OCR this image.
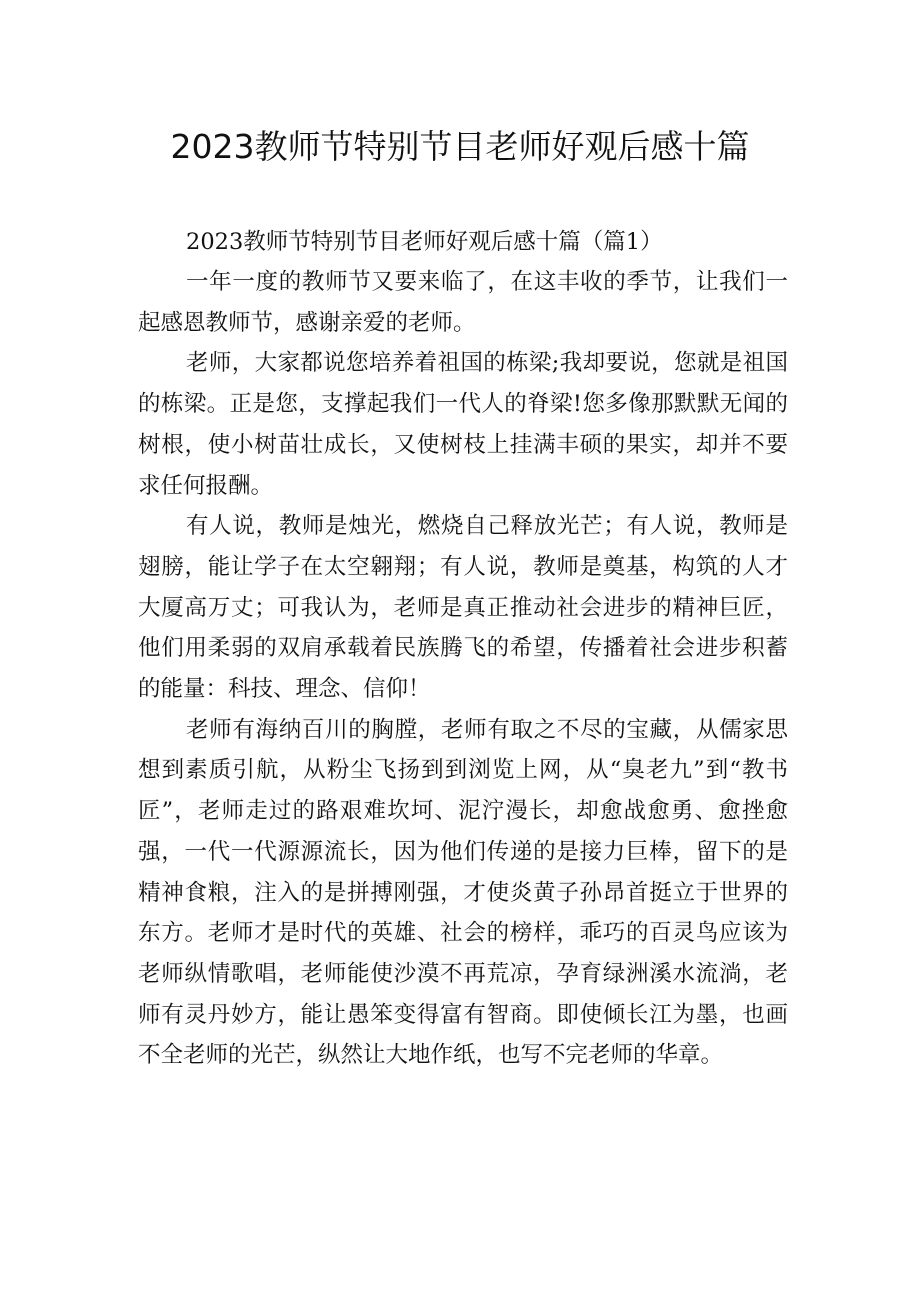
2023教师节特别节目老师好观后感十篇

2023教师节特别节目老师好观后感十篇（篇1）

一年一度的教师节又要来临了，在这丰收的季节，让我们一起感恩教师节，感谢亲爱的老师。

老师，大家都说您培养着祖国的栋梁;我却要说，您就是祖国的栋梁。正是您，支撑起我们一代人的脊梁!您多像那默默无闻的树根，使小树苗壮成长，又使树枝上挂满丰硕的果实，却并不要求任何报酬。

有人说，教师是烛光，燃烧自己释放光芒；有人说，教师是翅膀，能让学子在太空翱翔；有人说，教师是奠基，构筑的人才大厦高万丈；可我认为，老师是真正推动社会进步的精神巨匠，他们用柔弱的双肩承载着民族腾飞的希望，传播着社会进步积蓄的能量：科技、理念、信仰！

老师有海纳百川的胸膛，老师有取之不尽的宝藏，从儒家思想到素质引航，从粉尘飞扬到到浏览上网，从“臭老九”到“教书匠”，老师走过的路艰难坎坷、泥泞漫长，却愈战愈勇、愈挫愈强，一代一代源源流长，因为他们传递的是接力巨棒，留下的是精神食粮，注入的是拼搏刚强，才使炎黄子孙昂首挺立于世界的东方。老师才是时代的英雄、社会的榜样，乖巧的百灵鸟应该为老师纵情歌唱，老师能使沙漠不再荒凉，孕育绿洲溪水流淌，老师有灵丹妙方，能让愚笨变得富有智商。即使倾长江为墨，也画不全老师的光芒，纵然让大地作纸，也写不完老师的华章。
